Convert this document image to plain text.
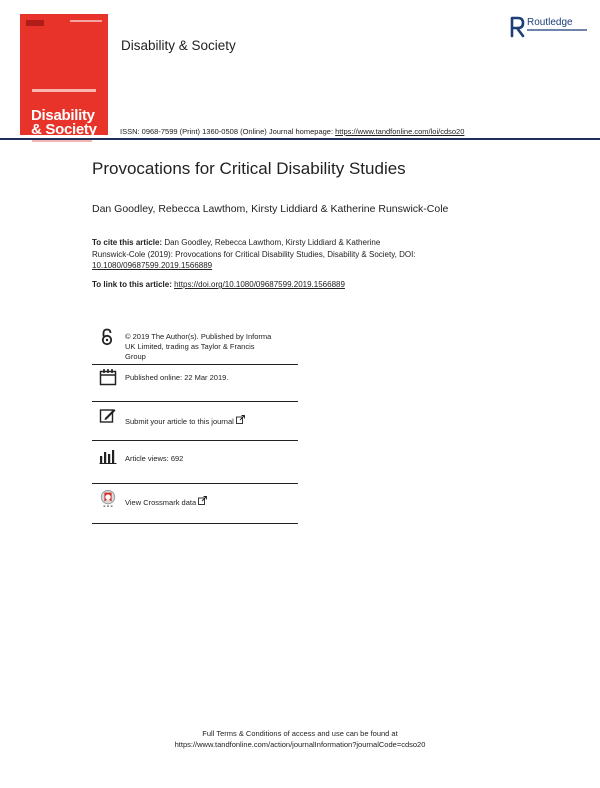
Disability
& Society
Disability & Society
Routledge
ISSN: 0968-7599 (Print) 1360-0508 (Online) Journal homepage: https://www.tandfonline.com/loi/cdso20
Provocations for Critical Disability Studies
Dan Goodley, Rebecca Lawthom, Kirsty Liddiard & Katherine Runswick-Cole
To cite this article: Dan Goodley, Rebecca Lawthom, Kirsty Liddiard & Katherine
Runswick-Cole (2019): Provocations for Critical Disability Studies, Disability & Society, DOI:
10.1080/09687599.2019.1566889
To link to this article: https://doi.org/10.1080/09687599.2019.1566889
© 2019 The Author(s). Published by Informa
UK Limited, trading as Taylor & Francis
Group
Published online: 22 Mar 2019.
Submit your article to this journal
Article views: 692
View Crossmark data
Full Terms & Conditions of access and use can be found at
https://www.tandfonline.com/action/journalInformation?journalCode=cdso20
